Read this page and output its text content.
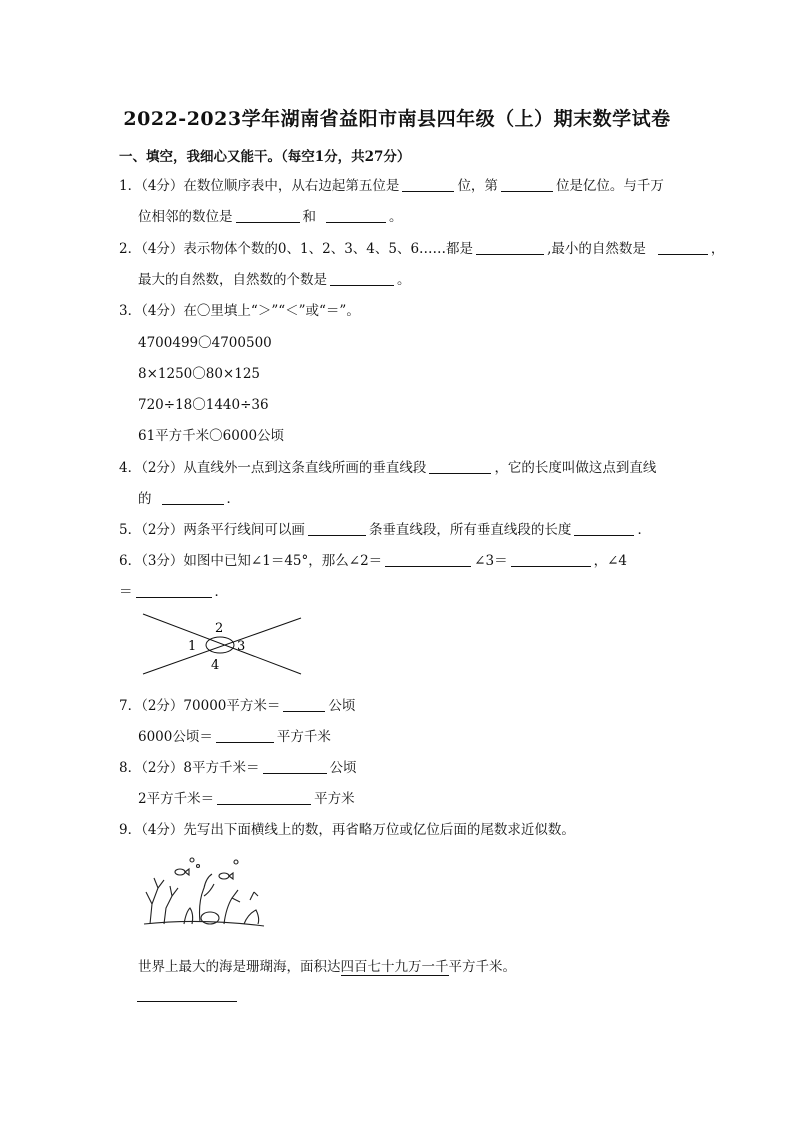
2022-2023学年湖南省益阳市南县四年级（上）期末数学试卷
一、填空，我细心又能干。（每空1分，共27分）
1．（4分）在数位顺序表中，从右边起第五位是	位，第	位是亿位。与千万
位相邻的数位是	和	。
2．（4分）表示物体个数的0、1、2、3、4、5、6……都是	,最小的自然数是	，
最大的自然数，自然数的个数是	。
3．（4分）在〇里填上“＞”“＜”或“＝”。
4700499〇4700500
8×1250〇80×125
720÷18〇1440÷36
61平方千米〇6000公顷
4．（2分）从直线外一点到这条直线所画的垂直线段	，它的长度叫做这点到直线
的	．
5．（2分）两条平行线间可以画	条垂直线段，所有垂直线段的长度	．
6．（3分）如图中已知∠1＝45°，那么∠2＝	∠3＝	，∠4
＝	．
2
1	3
4
7．（2分）70000平方米＝	公顷
6000公顷＝	平方千米
8．（2分）8平方千米＝	公顷
2平方千米＝	平方米
9．（4分）先写出下面横线上的数，再省略万位或亿位后面的尾数求近似数。
世界上最大的海是珊瑚海，面积达四百七十九万一千平方千米。
